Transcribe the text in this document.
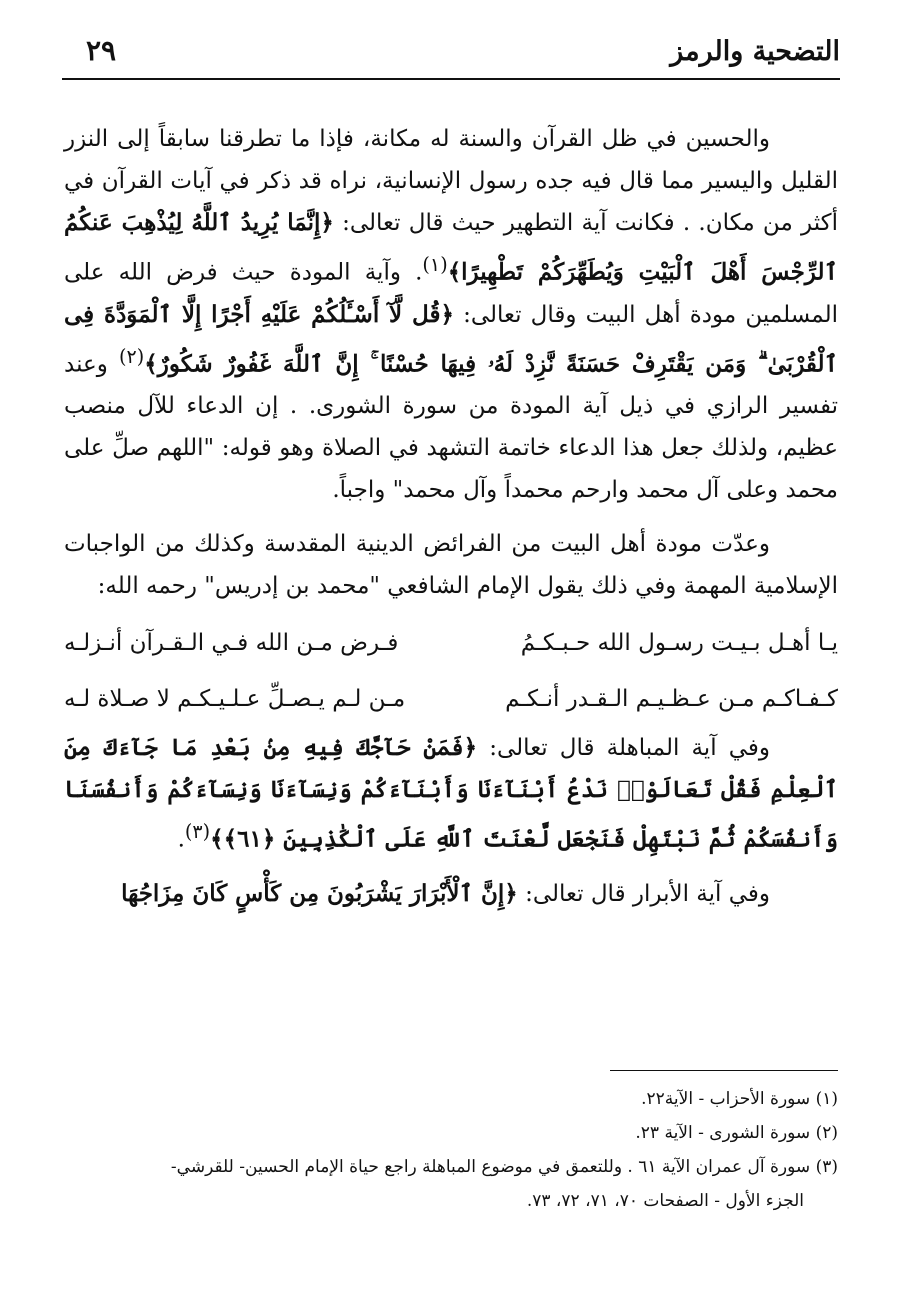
التضحية والرمز
٢٩

والحسين في ظل القرآن والسنة له مكانة، فإذا ما تطرقنا سابقاً إلى النزر القليل واليسير مما قال فيه جده رسول الإنسانية، نراه قد ذكر في آيات القرآن في أكثر من مكان. . فكانت آية التطهير حيث قال تعالى: ﴿إِنَّمَا يُرِيدُ ٱللَّهُ لِيُذْهِبَ عَنكُمُ ٱلرِّجْسَ أَهْلَ ٱلْبَيْتِ وَيُطَهِّرَكُمْ تَطْهِيرًا﴾$^{(١)}$. وآية المودة حيث فرض الله على المسلمين مودة أهل البيت وقال تعالى: ﴿قُل لَّآ أَسْـَٔلُكُمْ عَلَيْهِ أَجْرًا إِلَّا ٱلْمَوَدَّةَ فِى ٱلْقُرْبَىٰ ۗ وَمَن يَقْتَرِفْ حَسَنَةً نَّزِدْ لَهُۥ فِيهَا حُسْنًا ۚ إِنَّ ٱللَّهَ غَفُورٌ شَكُورٌ﴾$^{(٢)}$ وعند تفسير الرازي في ذيل آية المودة من سورة الشورى. . إن الدعاء للآل منصب عظيم، ولذلك جعل هذا الدعاء خاتمة التشهد في الصلاة وهو قوله: "اللهم صلِّ على محمد وعلى آل محمد وارحم محمداً وآل محمد" واجباً.

وعدّت مودة أهل البيت من الفرائض الدينية المقدسة وكذلك من الواجبات الإسلامية المهمة وفي ذلك يقول الإمام الشافعي "محمد بن إدريس" رحمه الله:

يـا أهـل بـيـت رسـول الله حـبـكـمُ
فـرض مـن الله فـي الـقـرآن أنـزلـه
كـفـاكـم مـن عـظـيـم الـقـدر أنـكـم
مـن لـم يـصـلِّ عـلـيـكـم لا صـلاة لـه

وفي آية المباهلة قال تعالى: ﴿فَمَنْ حَآجَّكَ فِيهِ مِنۢ بَعْدِ مَا جَآءَكَ مِنَ ٱلْعِلْمِ فَقُلْ تَعَالَوْا۟ نَدْعُ أَبْنَآءَنَا وَأَبْنَآءَكُمْ وَنِسَآءَنَا وَنِسَآءَكُمْ وَأَنفُسَنَا وَأَنفُسَكُمْ ثُمَّ نَبْتَهِلْ فَنَجْعَل لَّعْنَتَ ٱللَّهِ عَلَى ٱلْكَٰذِبِينَ ﴿٦١﴾﴾$^{(٣)}$.

وفي آية الأبرار قال تعالى: ﴿إِنَّ ٱلْأَبْرَارَ يَشْرَبُونَ مِن كَأْسٍ كَانَ مِزَاجُهَا

(١) سورة الأحزاب - الآية٢٢.

(٢) سورة الشورى - الآية ٢٣.

(٣) سورة آل عمران الآية ٦١ . وللتعمق في موضوع المباهلة راجع حياة الإمام الحسين- للقرشي-

الجزء الأول - الصفحات ٧٠، ٧١، ٧٢، ٧٣.
